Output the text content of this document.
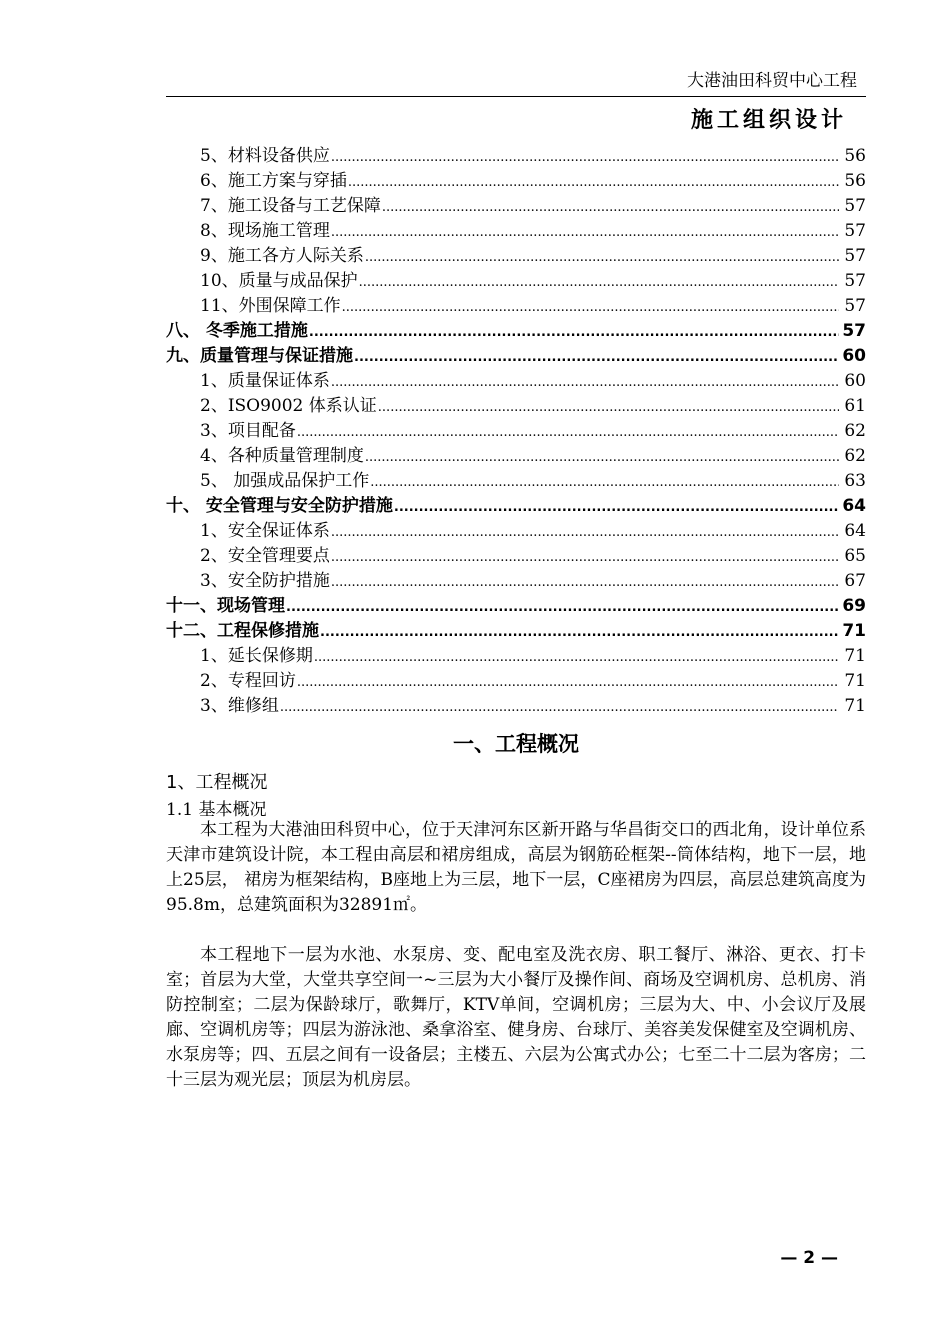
大港油田科贸中心工程
施工组织设计
5、材料设备供应 .....	56
6、施工方案与穿插 .....	56
7、施工设备与工艺保障 .....	57
8、现场施工管理 .....	57
9、施工各方人际关系 .....	57
10、质量与成品保护 .....	57
11、外围保障工作 .....	57
八、 冬季施工措施 .....	57
九、质量管理与保证措施 .....	60
1、质量保证体系 .....	60
2、ISO9002 体系认证 .....	61
3、项目配备 .....	62
4、各种质量管理制度 .....	62
5、 加强成品保护工作 .....	63
十、 安全管理与安全防护措施 .....	64
1、安全保证体系 .....	64
2、安全管理要点 .....	65
3、安全防护措施 .....	67
十一、现场管理 .....	69
十二、工程保修措施 .....	71
1、延长保修期 .....	71
2、专程回访 .....	71
3、维修组 .....	71
一、工程概况
1、工程概况
1.1 基本概况

本工程为大港油田科贸中心，位于天津河东区新开路与华昌街交口的西北角，设计单位系天津市建筑设计院，本工程由高层和裙房组成，高层为钢筋砼框架--筒体结构，地下一层，地上25层， 裙房为框架结构，B座地上为三层，地下一层，C座裙房为四层，高层总建筑高度为95.8m，总建筑面积为32891㎡。

本工程地下一层为水池、水泵房、变、配电室及洗衣房、职工餐厅、淋浴、更衣、打卡室；首层为大堂，大堂共享空间一~三层为大小餐厅及操作间、商场及空调机房、总机房、消防控制室；二层为保龄球厅，歌舞厅，KTV单间，空调机房；三层为大、中、小会议厅及展廊、空调机房等；四层为游泳池、桑拿浴室、健身房、台球厅、美容美发保健室及空调机房、水泵房等；四、五层之间有一设备层；主楼五、六层为公寓式办公；七至二十二层为客房；二十三层为观光层；顶层为机房层。

— 2 —
